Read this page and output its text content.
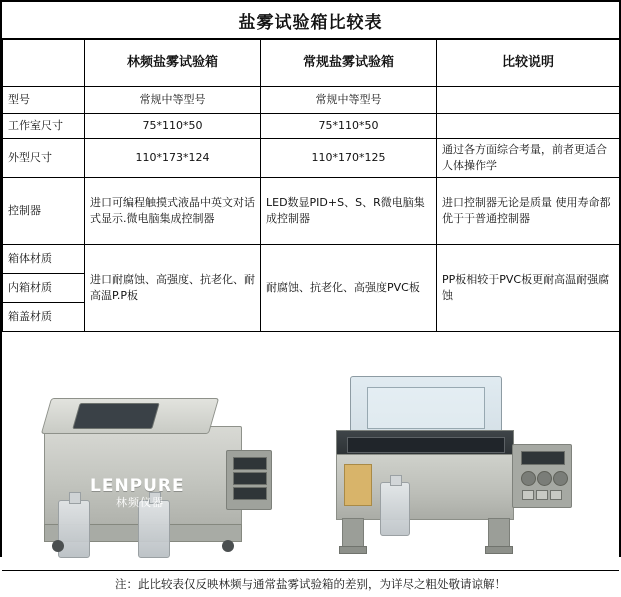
盐雾试验箱比较表
	林频盐雾试验箱	常规盐雾试验箱	比较说明
型号	常规中等型号	常规中等型号	
工作室尺寸	75*110*50	75*110*50	
外型尺寸	110*173*124	110*170*125	通过各方面综合考量，前者更适合人体操作学
控制器	进口可编程触摸式液晶中英文对话式显示.微电脑集成控制器	LED数显PID+S、S、R微电脑集成控制器	进口控制器无论是质量 使用寿命都优于于普通控制器
箱体材质	进口耐腐蚀、高强度、抗老化、耐高温P.P板	耐腐蚀、抗老化、高强度PVC板	PP板相较于PVC板更耐高温耐强腐蚀
内箱材质			
箱盖材质			
LENPURE
林频仪器
注：此比较表仅反映林频与通常盐雾试验箱的差别，为详尽之粗处敬请谅解！
